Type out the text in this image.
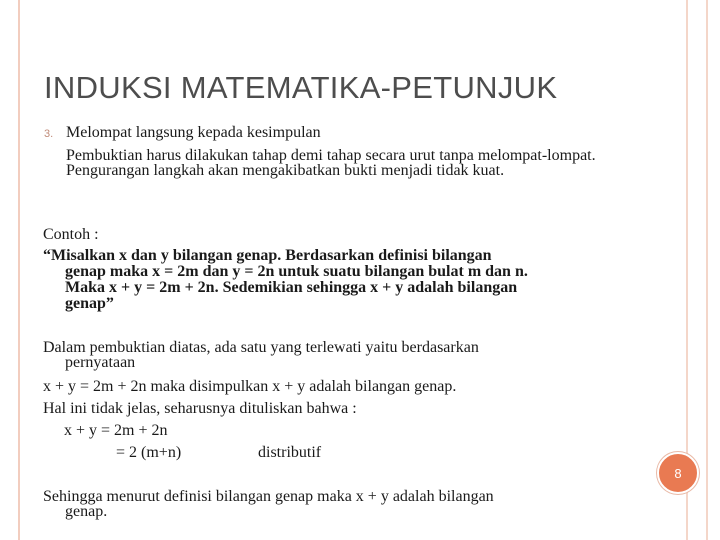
INDUKSI MATEMATIKA-PETUNJUK
3. Melompat langsung kepada kesimpulan
Pembuktian harus dilakukan tahap demi tahap secara urut tanpa melompat-lompat. Pengurangan langkah akan mengakibatkan bukti menjadi tidak kuat.
Contoh :
“Misalkan x dan y bilangan genap. Berdasarkan definisi bilangan
genap maka x = 2m dan y = 2n untuk suatu bilangan bulat m dan n.
Maka x + y = 2m + 2n. Sedemikian sehingga x + y adalah bilangan
genap”
Dalam pembuktian diatas, ada satu yang terlewati yaitu berdasarkan
pernyataan
x + y = 2m + 2n maka disimpulkan x + y adalah bilangan genap.
Hal ini tidak jelas, seharusnya dituliskan bahwa :
x + y = 2m + 2n
= 2 (m+n)	distributif
8
Sehingga menurut definisi bilangan genap maka x + y adalah bilangan
genap.
